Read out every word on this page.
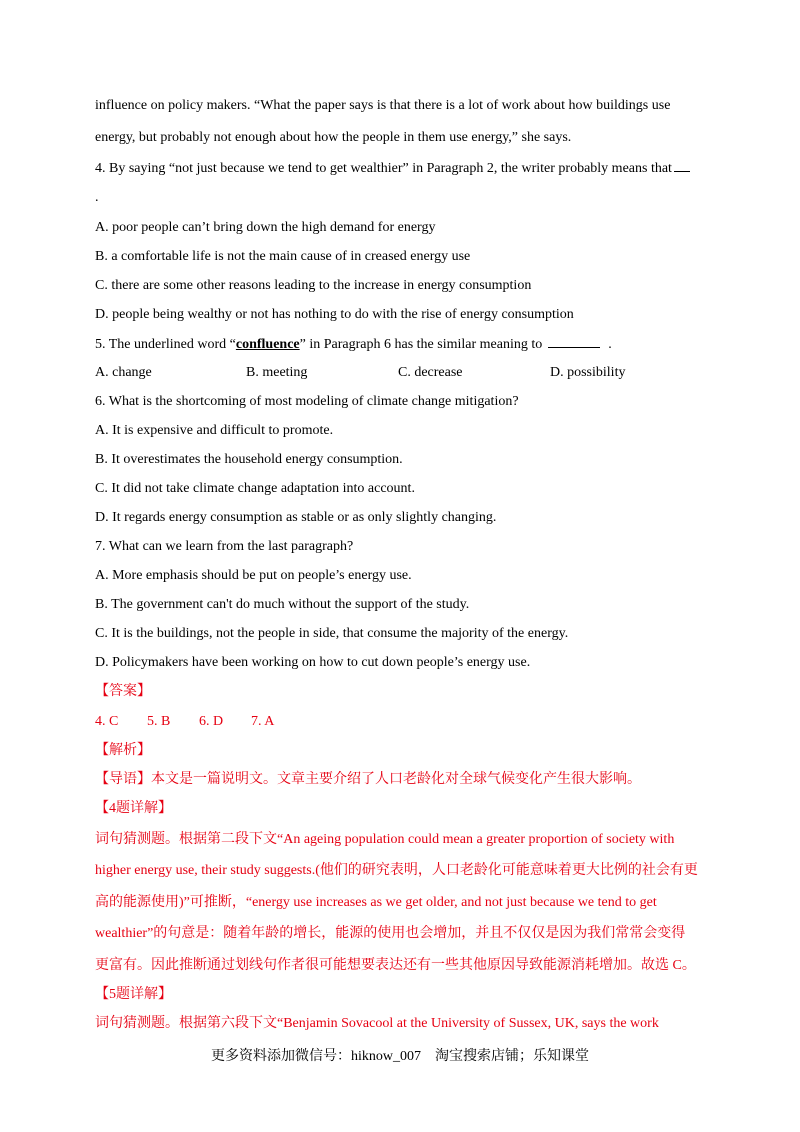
influence on policy makers. “What the paper says is that there is a lot of work about how buildings use
energy, but probably not enough about how the people in them use energy,” she says.
4. By saying “not just because we tend to get wealthier” in Paragraph 2, the writer probably means that
.
A. poor people can’t bring down the high demand for energy
B. a comfortable life is not the main cause of in creased energy use
C. there are some other reasons leading to the increase in energy consumption
D. people being wealthy or not has nothing to do with the rise of energy consumption
5. The underlined word “confluence” in Paragraph 6 has the similar meaning to	.
A. change	B. meeting	C. decrease	D. possibility
6. What is the shortcoming of most modeling of climate change mitigation?
A. It is expensive and difficult to promote.
B. It overestimates the household energy consumption.
C. It did not take climate change adaptation into account.
D. It regards energy consumption as stable or as only slightly changing.
7. What can we learn from the last paragraph?
A. More emphasis should be put on people’s energy use.
B. The government can't do much without the support of the study.
C. It is the buildings, not the people in side, that consume the majority of the energy.
D. Policymakers have been working on how to cut down people’s energy use.
【答案】
4. C 5. B 6. D 7. A
【解析】
【导语】本文是一篇说明文。文章主要介绍了人口老龄化对全球气候变化产生很大影响。
【4题详解】
词句猜测题。根据第二段下文“An ageing population could mean a greater proportion of society with
higher energy use, their study suggests.(他们的研究表明，人口老龄化可能意味着更大比例的社会有更
高的能源使用)”可推断，“energy use increases as we get older, and not just because we tend to get
wealthier”的句意是：随着年龄的增长，能源的使用也会增加，并且不仅仅是因为我们常常会变得
更富有。因此推断通过划线句作者很可能想要表达还有一些其他原因导致能源消耗增加。故选 C。
【5题详解】
词句猜测题。根据第六段下文“Benjamin Sovacool at the University of Sussex, UK, says the work
更多资料添加微信号：hiknow_007　淘宝搜索店铺；乐知课堂
